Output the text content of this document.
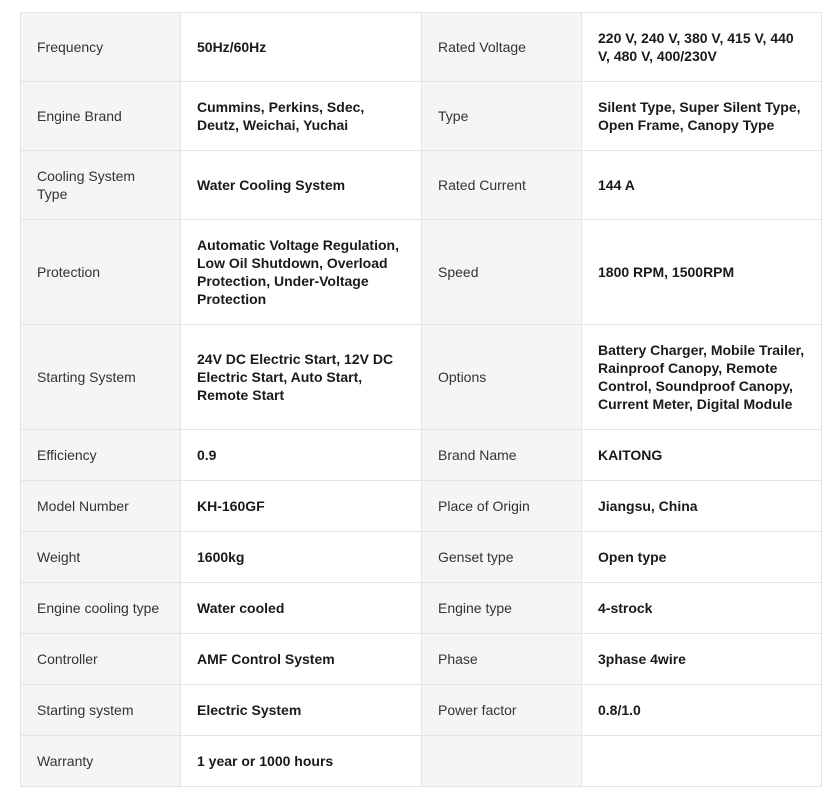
Frequency	50Hz/60Hz	Rated Voltage	220 V, 240 V, 380 V, 415 V, 440 V, 480 V, 400/230V
Engine Brand	Cummins, Perkins, Sdec, Deutz, Weichai, Yuchai	Type	Silent Type, Super Silent Type, Open Frame, Canopy Type
Cooling System Type	Water Cooling System	Rated Current	144 A
Protection	Automatic Voltage Regulation, Low Oil Shutdown, Overload Protection, Under-Voltage Protection	Speed	1800 RPM, 1500RPM
Starting System	24V DC Electric Start, 12V DC Electric Start, Auto Start, Remote Start	Options	Battery Charger, Mobile Trailer, Rainproof Canopy, Remote Control, Soundproof Canopy, Current Meter, Digital Module
Efficiency	0.9	Brand Name	KAITONG
Model Number	KH-160GF	Place of Origin	Jiangsu, China
Weight	1600kg	Genset type	Open type
Engine cooling type	Water cooled	Engine type	4-strock
Controller	AMF Control System	Phase	3phase 4wire
Starting system	Electric System	Power factor	0.8/1.0
Warranty	1 year or 1000 hours		
